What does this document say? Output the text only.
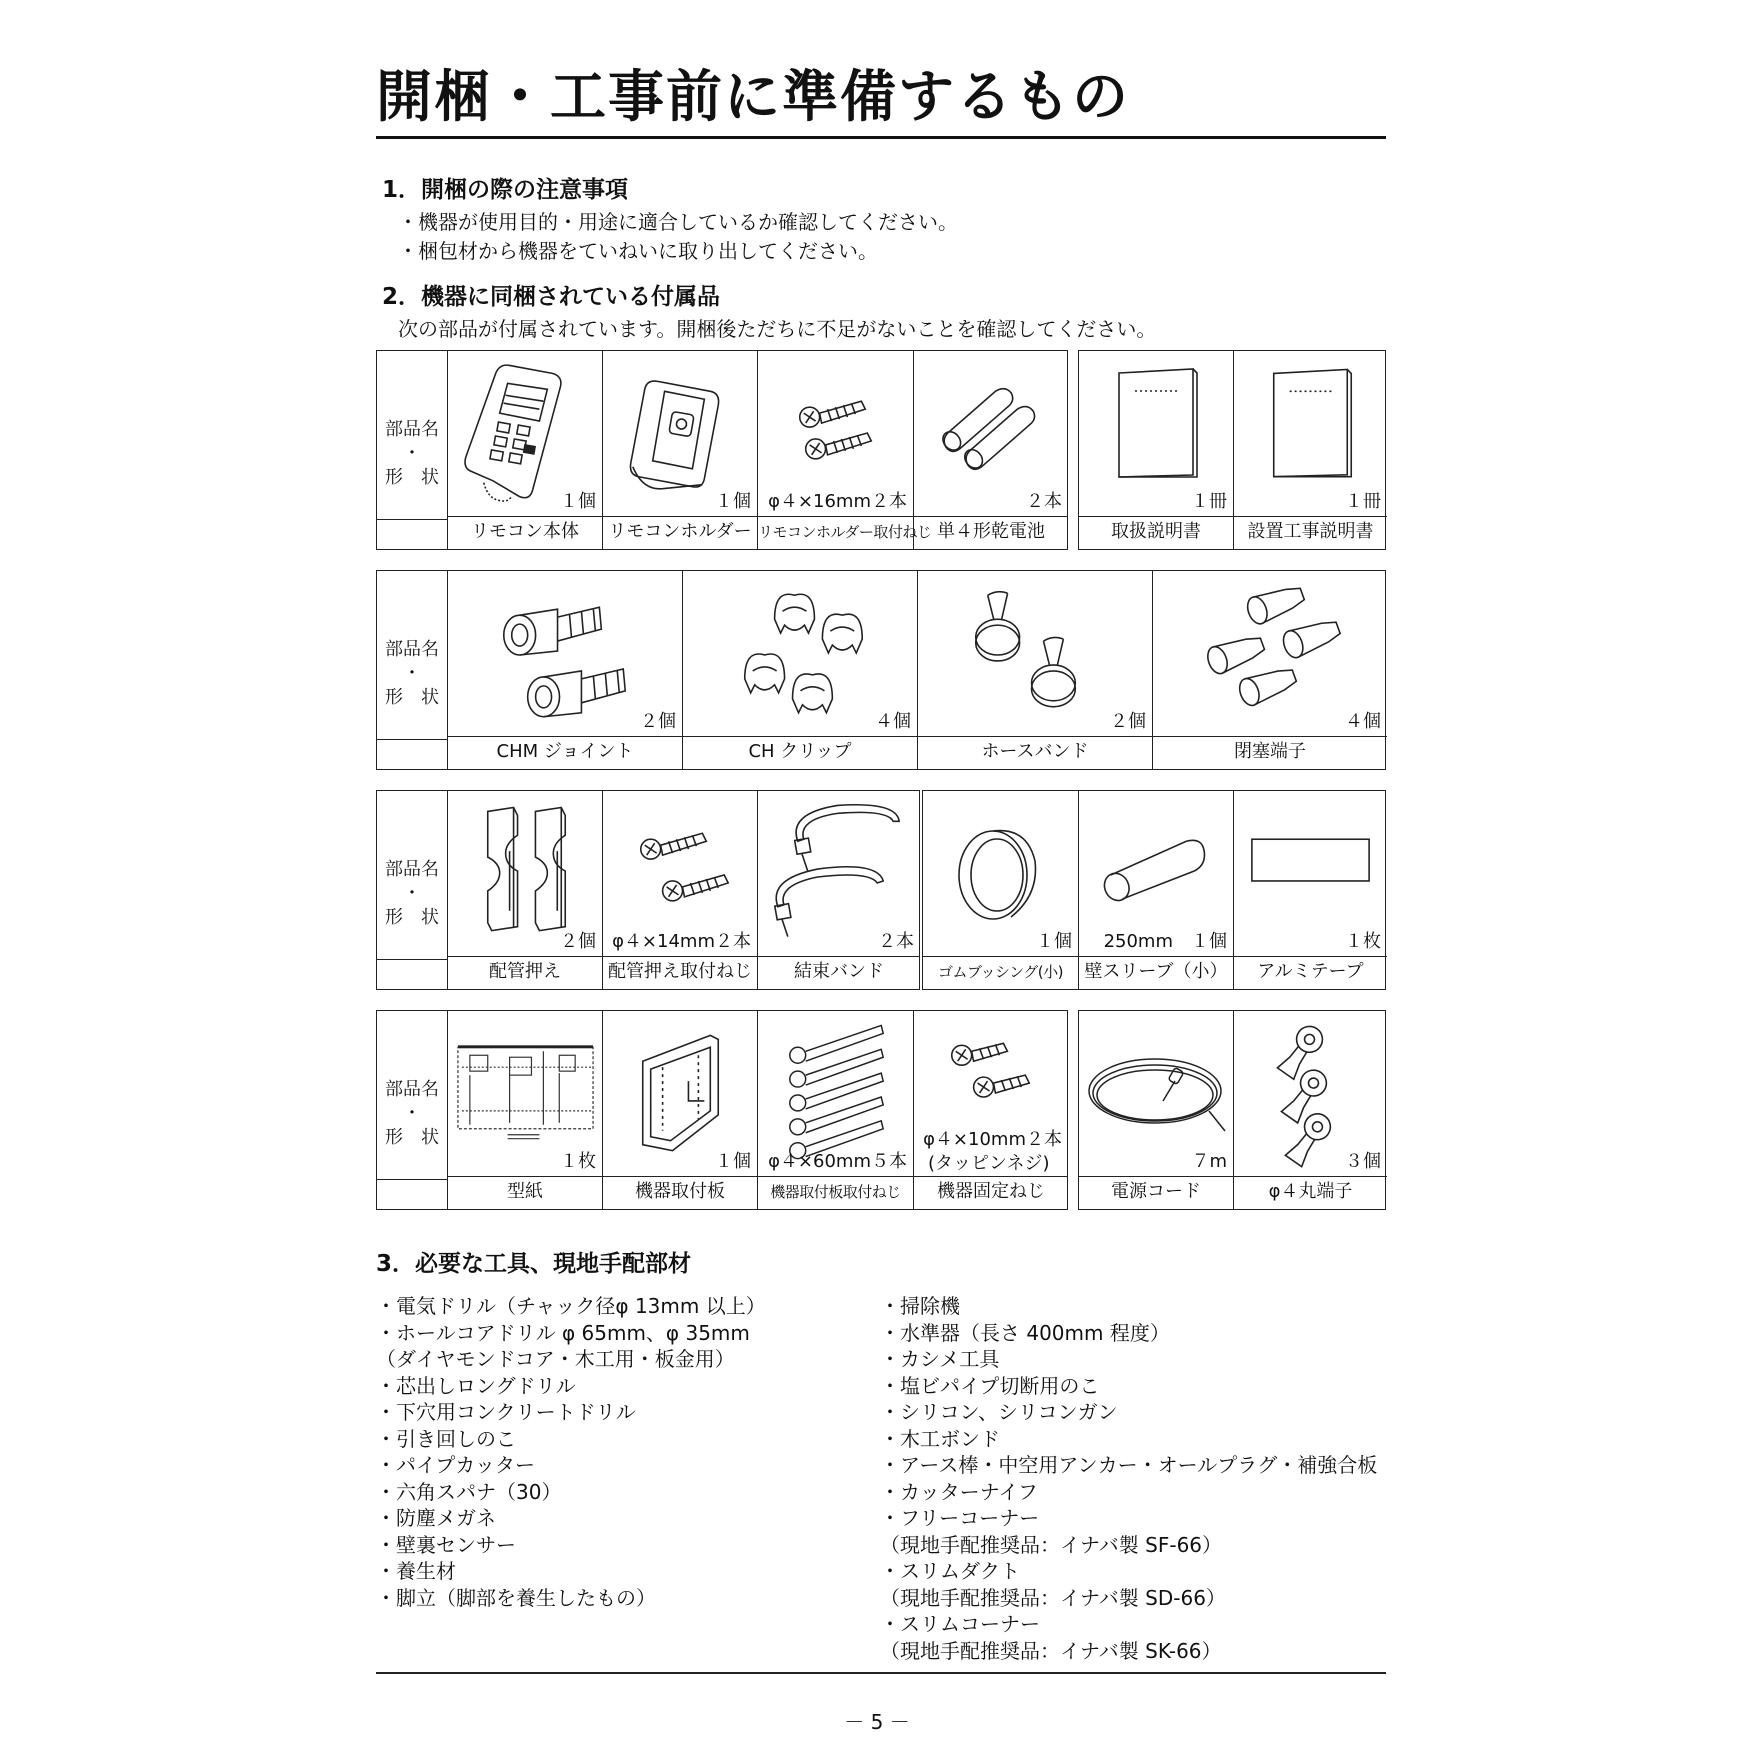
開梱・工事前に準備するもの
1．開梱の際の注意事項
・機器が使用目的・用途に適合しているか確認してください。
・梱包材から機器をていねいに取り出してください。
2．機器に同梱されている付属品
次の部品が付属されています。開梱後ただちに不足がないことを確認してください。
部品名
・
形　状
１個
リモコン本体
１個
リモコンホルダー
φ４×16mm２本
リモコンホルダー取付ねじ
２本
単４形乾電池
１冊
取扱説明書
１冊
設置工事説明書
部品名
・
形　状
２個
CHM ジョイント
４個
CH クリップ
２個
ホースバンド
４個
閉塞端子
部品名
・
形　状
２個
配管押え
φ４×14mm２本
配管押え取付ねじ
２本
結束バンド
１個
ゴムブッシング(小)
250mm　１個
壁スリーブ（小）
１枚
アルミテープ
部品名
・
形　状
１枚
型紙
１個
機器取付板
φ４×60mm５本
機器取付板取付ねじ
φ４×10mm２本
(タッピンネジ)
機器固定ねじ
７m
電源コード
３個
φ４丸端子
3．必要な工具、現地手配部材
・電気ドリル（チャック径φ 13mm 以上）
・ホールコアドリル φ 65mm、φ 35mm
（ダイヤモンドコア・木工用・板金用）
・芯出しロングドリル
・下穴用コンクリートドリル
・引き回しのこ
・パイプカッター
・六角スパナ（30）
・防塵メガネ
・壁裏センサー
・養生材
・脚立（脚部を養生したもの）
・掃除機
・水準器（長さ 400mm 程度）
・カシメ工具
・塩ビパイプ切断用のこ
・シリコン、シリコンガン
・木工ボンド
・アース棒・中空用アンカー・オールプラグ・補強合板
・カッターナイフ
・フリーコーナー
（現地手配推奨品：イナバ製 SF-66）
・スリムダクト
（現地手配推奨品：イナバ製 SD-66）
・スリムコーナー
（現地手配推奨品：イナバ製 SK-66）
－ 5 －
